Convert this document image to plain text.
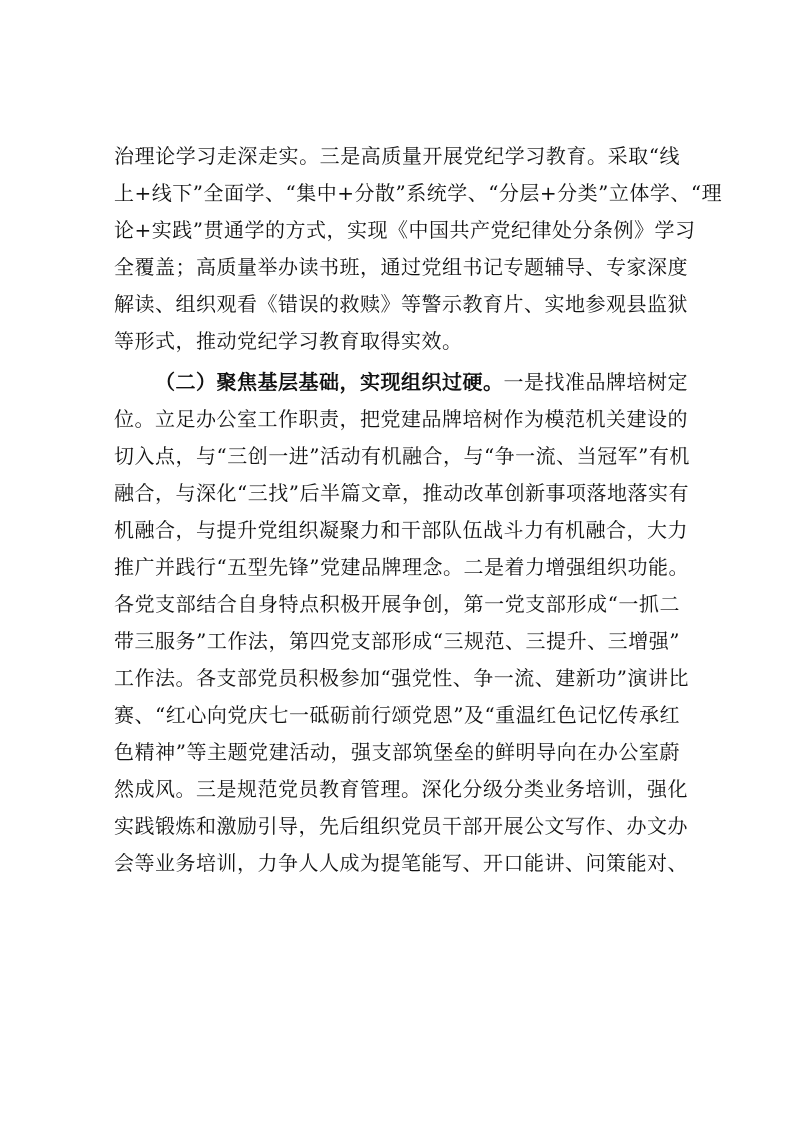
治理论学习走深走实。三是高质量开展党纪学习教育。采取“线
上+线下”全面学、“集中+分散”系统学、“分层+分类”立体学、“理
论+实践”贯通学的方式，实现《中国共产党纪律处分条例》学习
全覆盖；高质量举办读书班，通过党组书记专题辅导、专家深度
解读、组织观看《错误的救赎》等警示教育片、实地参观县监狱
等形式，推动党纪学习教育取得实效。
（二）聚焦基层基础，实现组织过硬。一是找准品牌培树定
位。立足办公室工作职责，把党建品牌培树作为模范机关建设的
切入点，与“三创一进”活动有机融合，与“争一流、当冠军”有机
融合，与深化“三找”后半篇文章，推动改革创新事项落地落实有
机融合，与提升党组织凝聚力和干部队伍战斗力有机融合，大力
推广并践行“五型先锋”党建品牌理念。二是着力增强组织功能。
各党支部结合自身特点积极开展争创，第一党支部形成“一抓二
带三服务”工作法，第四党支部形成“三规范、三提升、三增强”
工作法。各支部党员积极参加“强党性、争一流、建新功”演讲比
赛、“红心向党庆七一砥砺前行颂党恩”及“重温红色记忆传承红
色精神”等主题党建活动，强支部筑堡垒的鲜明导向在办公室蔚
然成风。三是规范党员教育管理。深化分级分类业务培训，强化
实践锻炼和激励引导，先后组织党员干部开展公文写作、办文办
会等业务培训，力争人人成为提笔能写、开口能讲、问策能对、
